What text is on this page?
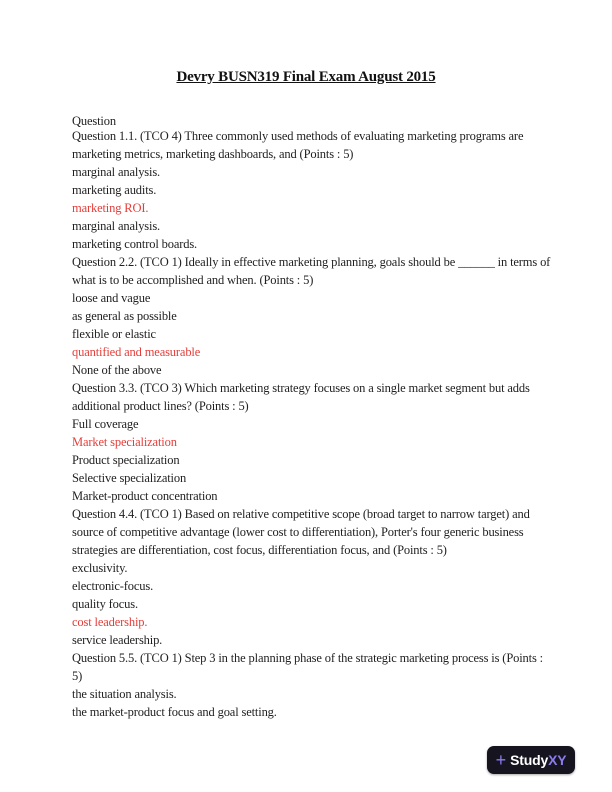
Devry BUSN319 Final Exam August 2015
Question
Question 1.1. (TCO 4) Three commonly used methods of evaluating marketing programs are
marketing metrics, marketing dashboards, and (Points : 5)
marginal analysis.
marketing audits.
marketing ROI.
marginal analysis.
marketing control boards.
Question 2.2. (TCO 1) Ideally in effective marketing planning, goals should be ______ in terms of
what is to be accomplished and when. (Points : 5)
loose and vague
as general as possible
flexible or elastic
quantified and measurable
None of the above
Question 3.3. (TCO 3) Which marketing strategy focuses on a single market segment but adds
additional product lines? (Points : 5)
Full coverage
Market specialization
Product specialization
Selective specialization
Market-product concentration
Question 4.4. (TCO 1) Based on relative competitive scope (broad target to narrow target) and
source of competitive advantage (lower cost to differentiation), Porter's four generic business
strategies are differentiation, cost focus, differentiation focus, and (Points : 5)
exclusivity.
electronic-focus.
quality focus.
cost leadership.
service leadership.
Question 5.5. (TCO 1) Step 3 in the planning phase of the strategic marketing process is (Points :
5)
the situation analysis.
the market-product focus and goal setting.
+ StudyXY
